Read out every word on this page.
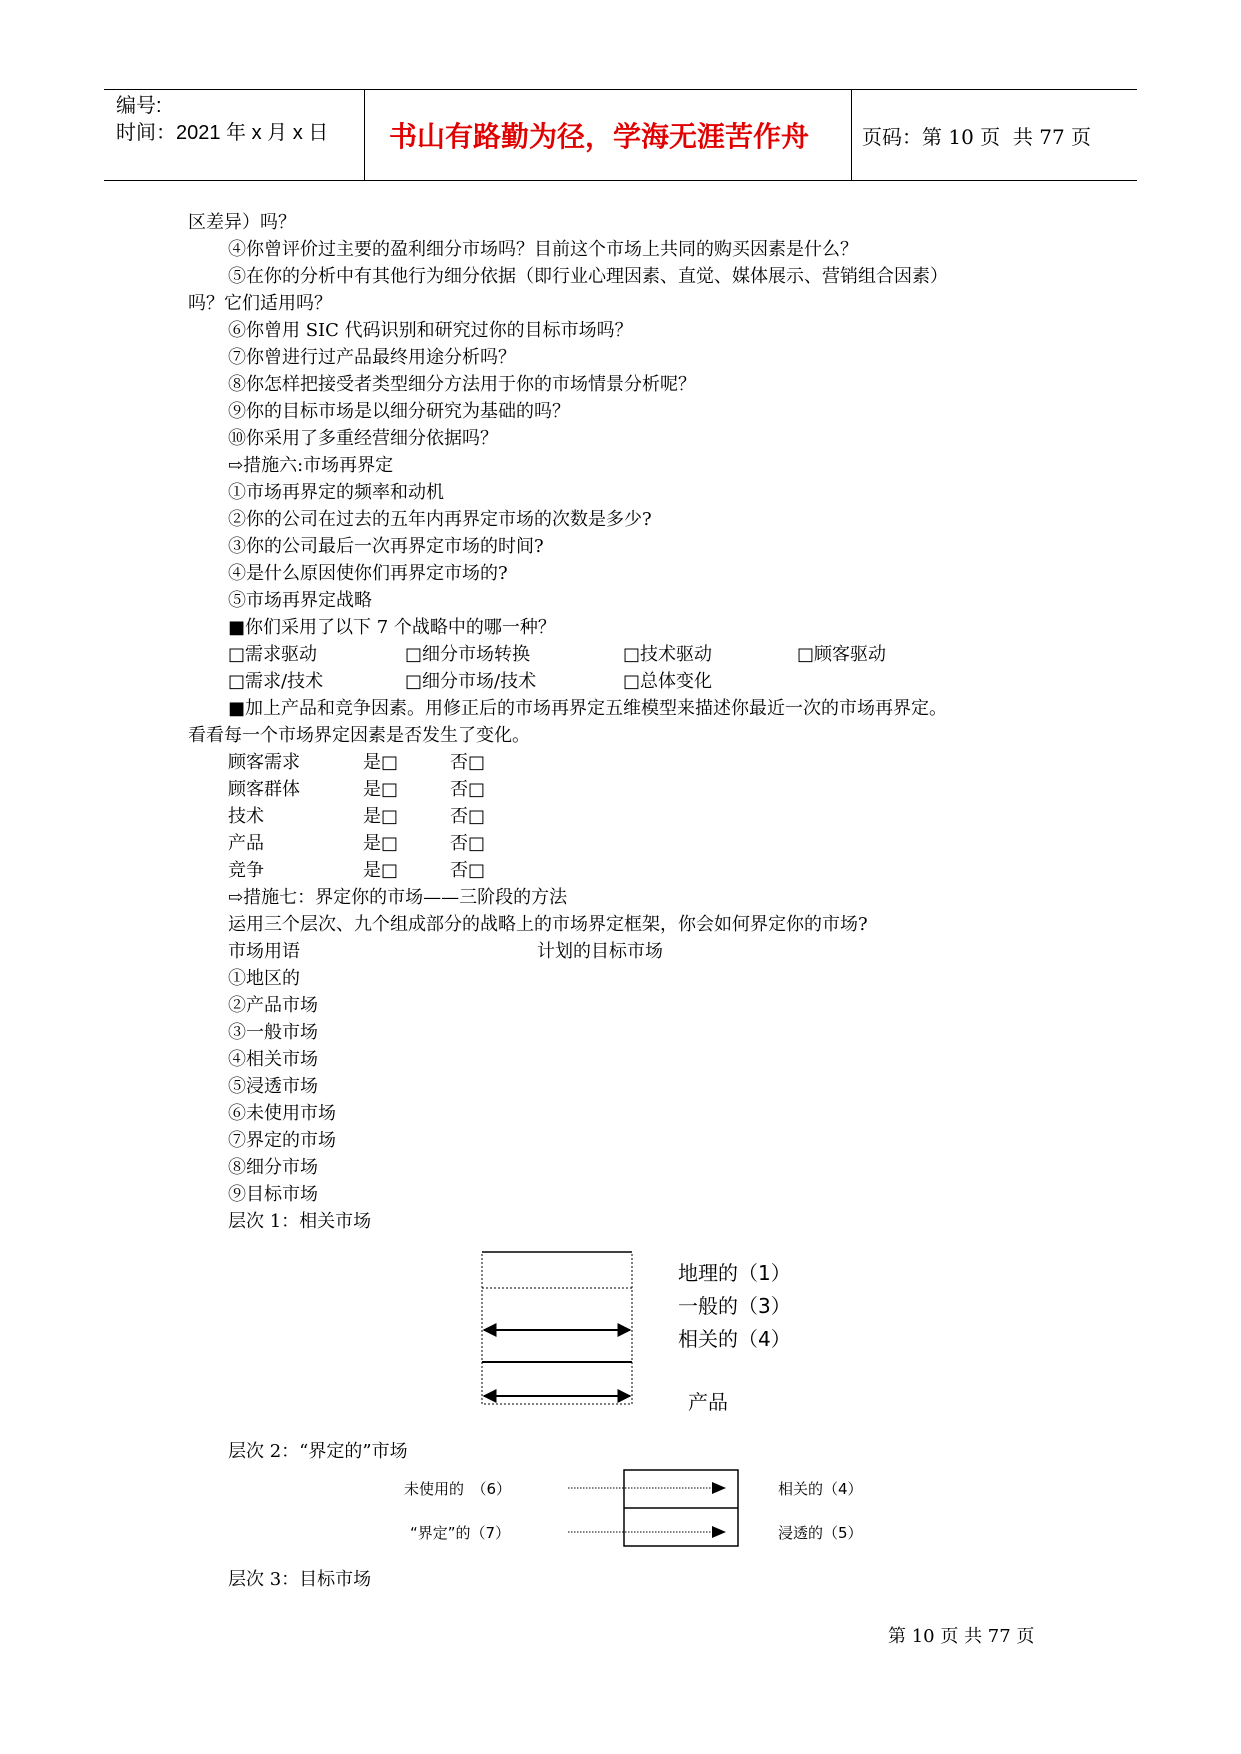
编号:
时间：2021 年 x 月 x 日	书山有路勤为径，学海无涯苦作舟	页码：第 10 页  共 77 页
区差异）吗？
④你曾评价过主要的盈利细分市场吗？目前这个市场上共同的购买因素是什么？
⑤在你的分析中有其他行为细分依据（即行业心理因素、直觉、媒体展示、营销组合因素）
吗？它们适用吗？
⑥你曾用 SIC 代码识别和研究过你的目标市场吗？
⑦你曾进行过产品最终用途分析吗？
⑧你怎样把接受者类型细分方法用于你的市场情景分析呢？
⑨你的目标市场是以细分研究为基础的吗？
⑩你采用了多重经营细分依据吗？
⇨措施六:市场再界定
①市场再界定的频率和动机
②你的公司在过去的五年内再界定市场的次数是多少?
③你的公司最后一次再界定市场的时间?
④是什么原因使你们再界定市场的?
⑤市场再界定战略
■你们采用了以下 7 个战略中的哪一种？
□需求驱动	□细分市场转换	□技术驱动	□顾客驱动
□需求/技术	□细分市场/技术	□总体变化
■加上产品和竞争因素。用修正后的市场再界定五维模型来描述你最近一次的市场再界定。
看看每一个市场界定因素是否发生了变化。
顾客需求	是□	否□
顾客群体	是□	否□
技术	是□	否□
产品	是□	否□
竞争	是□	否□
⇨措施七：界定你的市场——三阶段的方法
运用三个层次、九个组成部分的战略上的市场界定框架，你会如何界定你的市场?
市场用语	计划的目标市场
①地区的
②产品市场
③一般市场
④相关市场
⑤浸透市场
⑥未使用市场
⑦界定的市场
⑧细分市场
⑨目标市场
层次 1：相关市场
层次 2：“界定的”市场
层次 3：目标市场
地理的（1）
一般的（3）
相关的（4）
产品
未使用的　（6）
“界定”的（7）
相关的（4）
浸透的（5）
第 10 页 共 77 页
